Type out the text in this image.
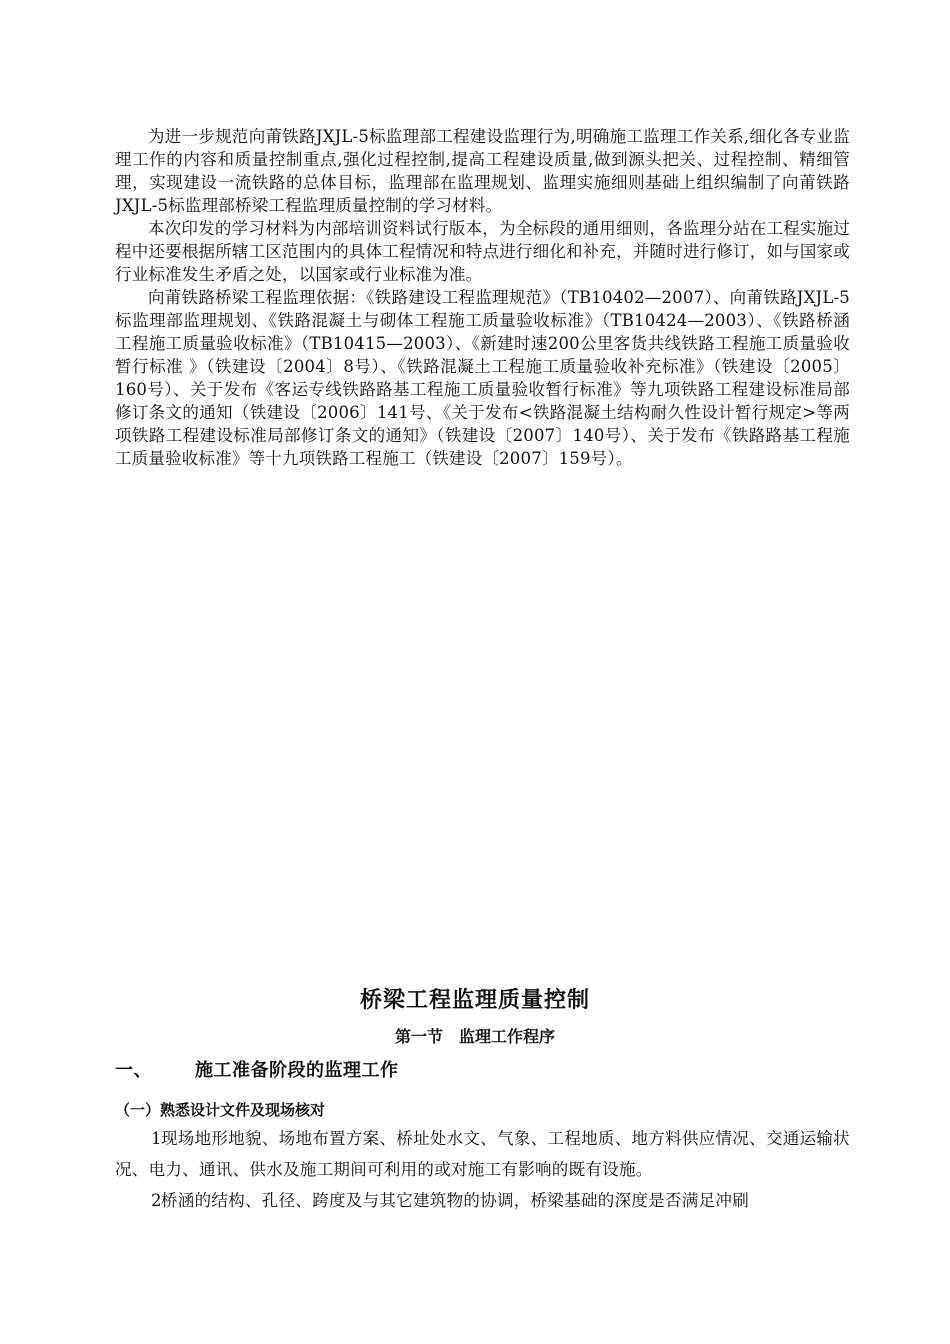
为进一步规范向莆铁路JXJL-5标监理部工程建设监理行为,明确施工监理工作关系,细化各专业监理工作的内容和质量控制重点,强化过程控制,提高工程建设质量,做到源头把关、过程控制、精细管理，实现建设一流铁路的总体目标，监理部在监理规划、监理实施细则基础上组织编制了向莆铁路JXJL-5标监理部桥梁工程监理质量控制的学习材料。

本次印发的学习材料为内部培训资料试行版本，为全标段的通用细则，各监理分站在工程实施过程中还要根据所辖工区范围内的具体工程情况和特点进行细化和补充，并随时进行修订，如与国家或行业标准发生矛盾之处，以国家或行业标准为准。

向莆铁路桥梁工程监理依据：《铁路建设工程监理规范》（TB10402—2007）、向莆铁路JXJL-5标监理部监理规划、《铁路混凝土与砌体工程施工质量验收标准》（TB10424—2003）、《铁路桥涵工程施工质量验收标准》（TB10415—2003）、《新建时速200公里客货共线铁路工程施工质量验收暂行标准 》（铁建设〔2004〕8号）、《铁路混凝土工程施工质量验收补充标准》（铁建设〔2005〕160号）、关于发布《客运专线铁路路基工程施工质量验收暂行标准》等九项铁路工程建设标准局部修订条文的通知（铁建设〔2006〕141号、《关于发布<铁路混凝土结构耐久性设计暂行规定>等两项铁路工程建设标准局部修订条文的通知》（铁建设〔2007〕140号）、关于发布《铁路路基工程施工质量验收标准》等十九项铁路工程施工（铁建设〔2007〕159号）。

桥梁工程监理质量控制
第一节　监理工作程序
一、 施工准备阶段的监理工作
（一）熟悉设计文件及现场核对

1现场地形地貌、场地布置方案、桥址处水文、气象、工程地质、地方料供应情况、交通运输状况、电力、通讯、供水及施工期间可利用的或对施工有影响的既有设施。

2桥涵的结构、孔径、跨度及与其它建筑物的协调，桥梁基础的深度是否满足冲刷
